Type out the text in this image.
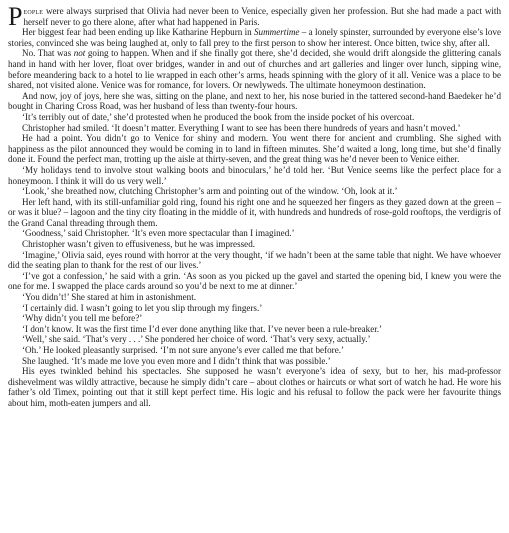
People were always surprised that Olivia had never been to Venice, especially given her profession. But she had made a pact with herself never to go there alone, after what had happened in Paris.

Her biggest fear had been ending up like Katharine Hepburn in Summertime – a lonely spinster, surrounded by everyone else’s love stories, convinced she was being laughed at, only to fall prey to the first person to show her interest. Once bitten, twice shy, after all.

No. That was not going to happen. When and if she finally got there, she’d decided, she would drift alongside the glittering canals hand in hand with her lover, float over bridges, wander in and out of churches and art galleries and linger over lunch, sipping wine, before meandering back to a hotel to lie wrapped in each other’s arms, heads spinning with the glory of it all. Venice was a place to be shared, not visited alone. Venice was for romance, for lovers. Or newlyweds. The ultimate honeymoon destination.

And now, joy of joys, here she was, sitting on the plane, and next to her, his nose buried in the tattered second-hand Baedeker he’d bought in Charing Cross Road, was her husband of less than twenty-four hours.

‘It’s terribly out of date,’ she’d protested when he produced the book from the inside pocket of his overcoat.

Christopher had smiled. ‘It doesn’t matter. Everything I want to see has been there hundreds of years and hasn’t moved.’

He had a point. You didn’t go to Venice for shiny and modern. You went there for ancient and crumbling. She sighed with happiness as the pilot announced they would be coming in to land in fifteen minutes. She’d waited a long, long time, but she’d finally done it. Found the perfect man, trotting up the aisle at thirty-seven, and the great thing was he’d never been to Venice either.

‘My holidays tend to involve stout walking boots and binoculars,’ he’d told her. ‘But Venice seems like the perfect place for a honeymoon. I think it will do us very well.’

‘Look,’ she breathed now, clutching Christopher’s arm and pointing out of the window. ‘Oh, look at it.’

Her left hand, with its still-unfamiliar gold ring, found his right one and he squeezed her fingers as they gazed down at the green – or was it blue? – lagoon and the tiny city floating in the middle of it, with hundreds and hundreds of rose-gold rooftops, the verdigris of the Grand Canal threading through them.

‘Goodness,’ said Christopher. ‘It’s even more spectacular than I imagined.’

Christopher wasn’t given to effusiveness, but he was impressed.

‘Imagine,’ Olivia said, eyes round with horror at the very thought, ‘if we hadn’t been at the same table that night. We have whoever did the seating plan to thank for the rest of our lives.’

‘I’ve got a confession,’ he said with a grin. ‘As soon as you picked up the gavel and started the opening bid, I knew you were the one for me. I swapped the place cards around so you’d be next to me at dinner.’

‘You didn’t!’ She stared at him in astonishment.

‘I certainly did. I wasn’t going to let you slip through my fingers.’

‘Why didn’t you tell me before?’

‘I don’t know. It was the first time I’d ever done anything like that. I’ve never been a rule-breaker.’

‘Well,’ she said. ‘That’s very . . .’ She pondered her choice of word. ‘That’s very sexy, actually.’

‘Oh.’ He looked pleasantly surprised. ‘I’m not sure anyone’s ever called me that before.’

She laughed. ‘It’s made me love you even more and I didn’t think that was possible.’

His eyes twinkled behind his spectacles. She supposed he wasn’t everyone’s idea of sexy, but to her, his mad-professor dishevelment was wildly attractive, because he simply didn’t care – about clothes or haircuts or what sort of watch he had. He wore his father’s old Timex, pointing out that it still kept perfect time. His logic and his refusal to follow the pack were her favourite things about him, moth-eaten jumpers and all.
